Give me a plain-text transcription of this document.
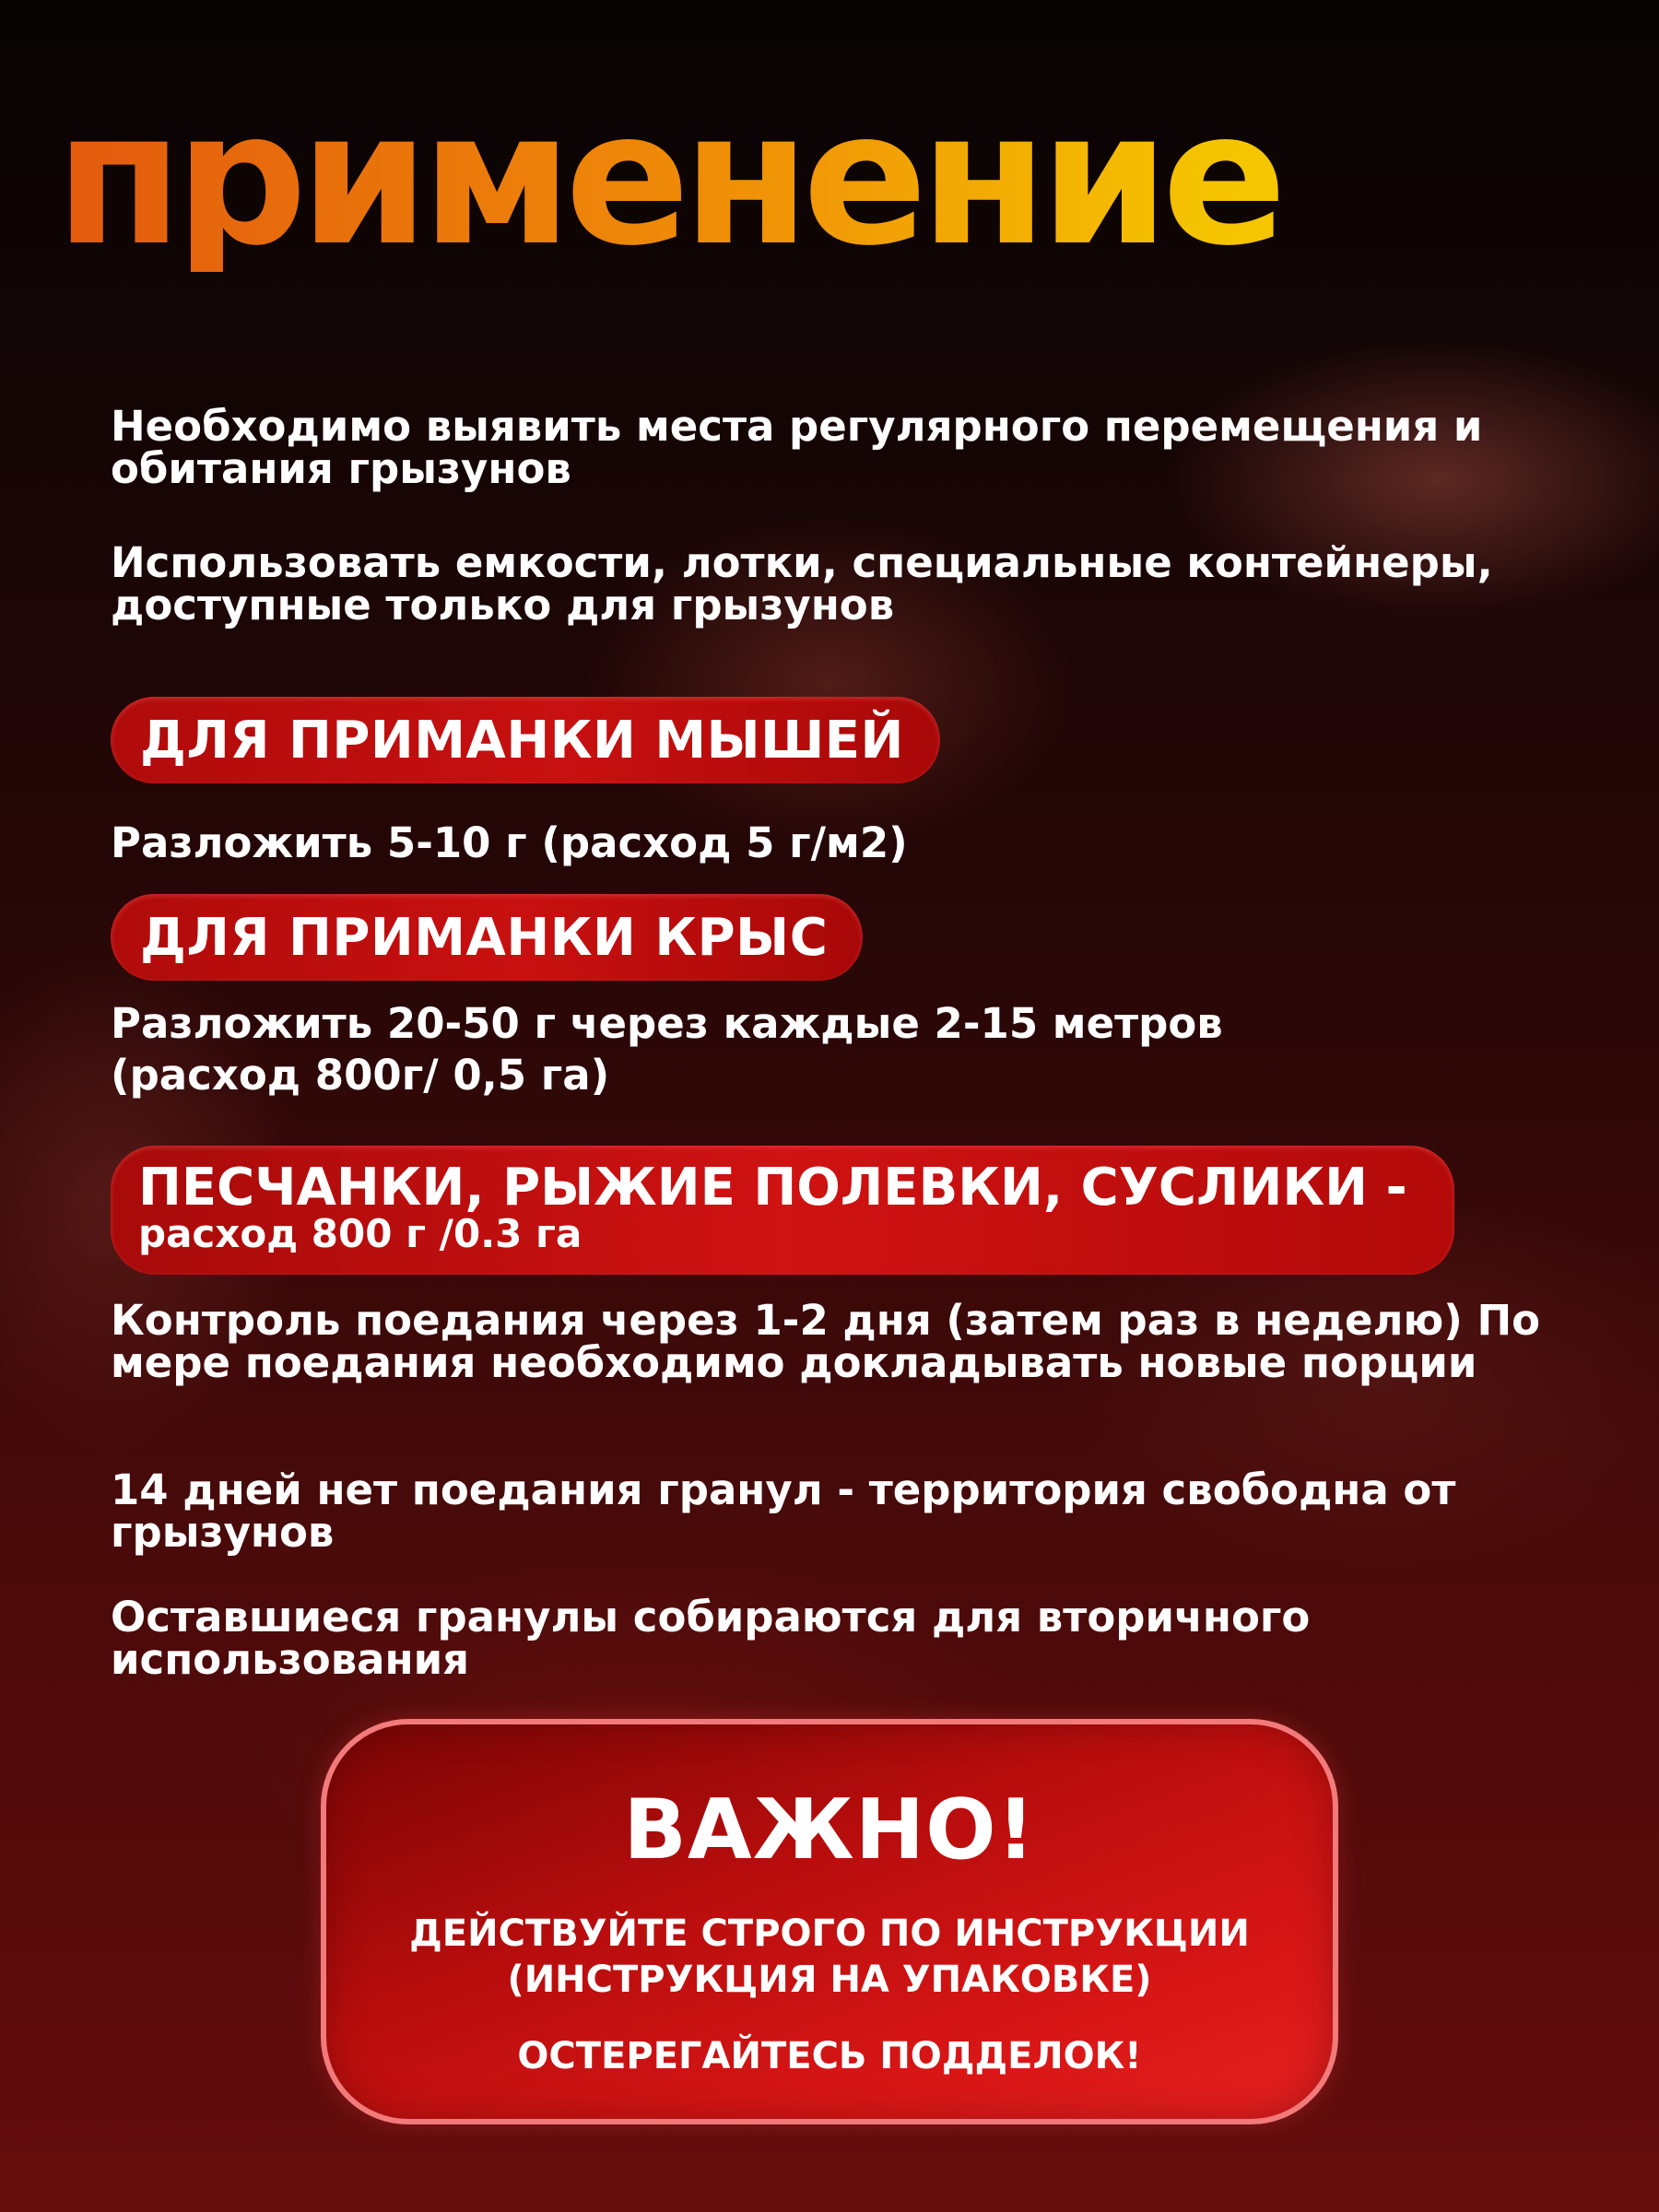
применение

Необходимо выявить места регулярного перемещения и обитания грызунов

Использовать емкости, лотки, специальные контейнеры, доступные только для грызунов

ДЛЯ ПРИМАНКИ МЫШЕЙ

Разложить 5-10 г (расход 5 г/м2)

ДЛЯ ПРИМАНКИ КРЫС

Разложить 20-50 г через каждые 2-15 метров

(расход 800г/ 0,5 га)

ПЕСЧАНКИ, РЫЖИЕ ПОЛЕВКИ, СУСЛИКИ -
расход 800 г /0.3 га

Контроль поедания через 1-2 дня (затем раз в неделю) По мере поедания необходимо докладывать новые порции

14 дней нет поедания гранул - территория свободна от грызунов

Оставшиеся гранулы собираются для вторичного использования

ВАЖНО!
ДЕЙСТВУЙТЕ СТРОГО ПО ИНСТРУКЦИИ
(ИНСТРУКЦИЯ НА УПАКОВКЕ)
ОСТЕРЕГАЙТЕСЬ ПОДДЕЛОК!
